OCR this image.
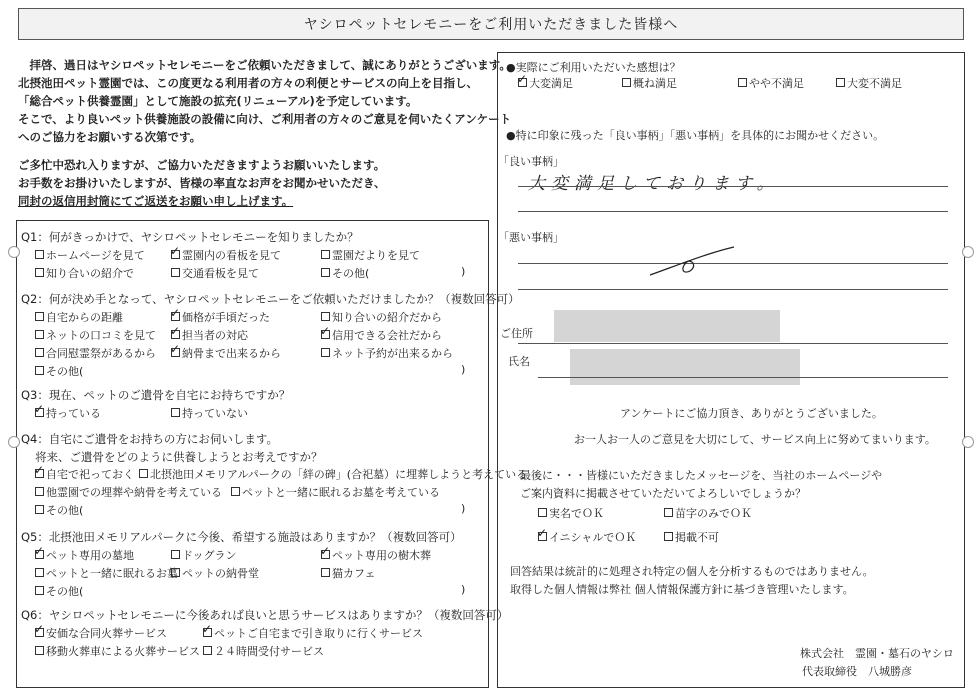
ヤシロペットセレモニーをご利用いただきました皆様へ
　拝啓、過日はヤシロペットセレモニーをご依頼いただきまして、誠にありがとうございます。
北摂池田ペット霊園では、この度更なる利用者の方々の利便とサービスの向上を目指し、
「総合ペット供養霊園」として施設の拡充(リニューアル)を予定しています。
そこで、より良いペット供養施設の設備に向け、ご利用者の方々のご意見を伺いたくアンケート
へのご協力をお願いする次第です。
ご多忙中恐れ入りますが、ご協力いただきますようお願いいたします。
お手数をお掛けいたしますが、皆様の率直なお声をお聞かせいただき、
同封の返信用封筒にてご返送をお願い申し上げます。
Q1：何がきっかけで、ヤシロペットセレモニーを知りましたか？
ホームページを見て ✓	霊園内の看板を見て	霊園だよりを見て
知り合いの紹介で	交通看板を見て	その他(	)
Q2：何が決め手となって、ヤシロペットセレモニーをご依頼いただけましたか？（複数回答可）
自宅からの距離 ✓	価格が手頃だった	知り合いの紹介だから
ネットの口コミを見て ✓	担当者の対応 ✓	信用できる会社だから
合同慰霊祭があるから ✓	納骨まで出来るから	ネット予約が出来るから
その他(	)
Q3：現在、ペットのご遺骨を自宅にお持ちですか？
✓持っている	持っていない
Q4：自宅にご遺骨をお持ちの方にお伺いします。
将来、ご遺骨をどのように供養しようとお考えですか？
✓自宅で祀っておく	北摂池田メモリアルパークの「絆の碑」(合祀墓）に埋葬しようと考えている
他霊園での埋葬や納骨を考えている	ペットと一緒に眠れるお墓を考えている
その他(	)
Q5：北摂池田メモリアルパークに今後、希望する施設はありますか？（複数回答可）
✓ペット専用の墓地	ドッグラン ✓	ペット専用の樹木葬
ペットと一緒に眠れるお墓 ペットの納骨堂	猫カフェ
その他(	)
Q6：ヤシロペットセレモニーに今後あれば良いと思うサービスはありますか？（複数回答可）
✓安価な合同火葬サービス ✓	ペットご自宅まで引き取りに行くサービス
移動火葬車による火葬サービス	２４時間受付サービス
●実際にご利用いただいた感想は？
✓大変満足	概ね満足	やや不満足	大変不満足
●特に印象に残った「良い事柄」「悪い事柄」を具体的にお聞かせください。
「良い事柄」
大変満足しております。
「悪い事柄」
ご住所
氏名
アンケートにご協力頂き、ありがとうございました。
お一人お一人のご意見を大切にして、サービス向上に努めてまいります。
最後に・・・皆様にいただきましたメッセージを、当社のホームページや
ご案内資料に掲載させていただいてよろしいでしょうか？
実名でＯＫ	苗字のみでＯＫ
✓イニシャルでＯＫ	掲載不可
回答結果は統計的に処理され特定の個人を分析するものではありません。
取得した個人情報は弊社 個人情報保護方針に基づき管理いたします。
株式会社　霊園・墓石のヤシロ
代表取締役　八城勝彦
